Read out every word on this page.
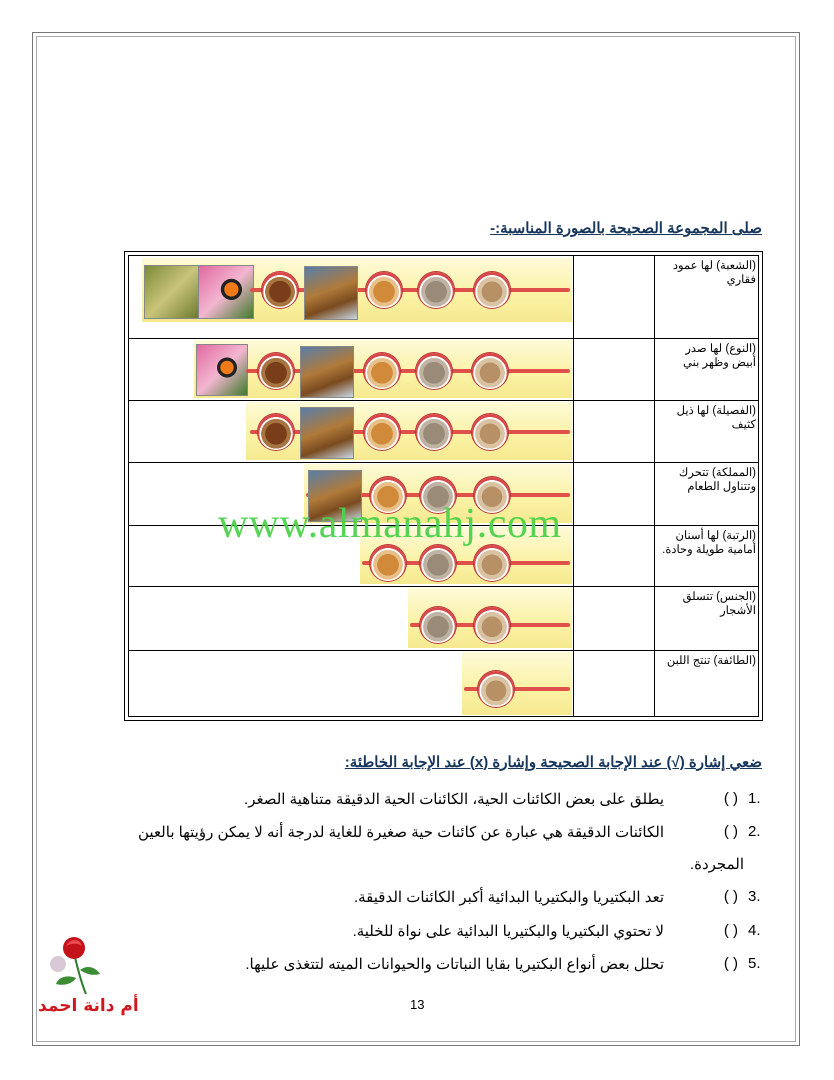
صلى المجموعة الصحيحة بالصورة المناسبة:-
(الشعبة) لها عمود فقاري
(النوع) لها صدر أبيض وظهر بني
(الفصيلة) لها ذيل كثيف
(المملكة) تتحرك وتتناول الطعام
(الرتبة) لها أسنان أمامية طويلة وحادة.
(الجنس) تتسلق الأشجار
(الطائفة) تنتج اللبن
www.almanahj.com
ضعي إشارة (√) عند الإجابة الصحيحة وإشارة (x) عند الإجابة الخاطئة:
1.
( )
يطلق على بعض الكائنات الحية، الكائنات الحية الدقيقة متناهية الصغر.
2.
( )
الكائنات الدقيقة هي عبارة عن كائنات حية صغيرة للغاية لدرجة أنه لا يمكن رؤيتها بالعين
المجردة.
3.
( )
تعد البكتيريا والبكتيريا البدائية أكبر الكائنات الدقيقة.
4.
( )
لا تحتوي البكتيريا والبكتيريا البدائية على نواة للخلية.
5.
( )
تحلل بعض أنواع البكتيريا بقايا النباتات والحيوانات الميته لتتغذى عليها.
أم دانة احمد	13
